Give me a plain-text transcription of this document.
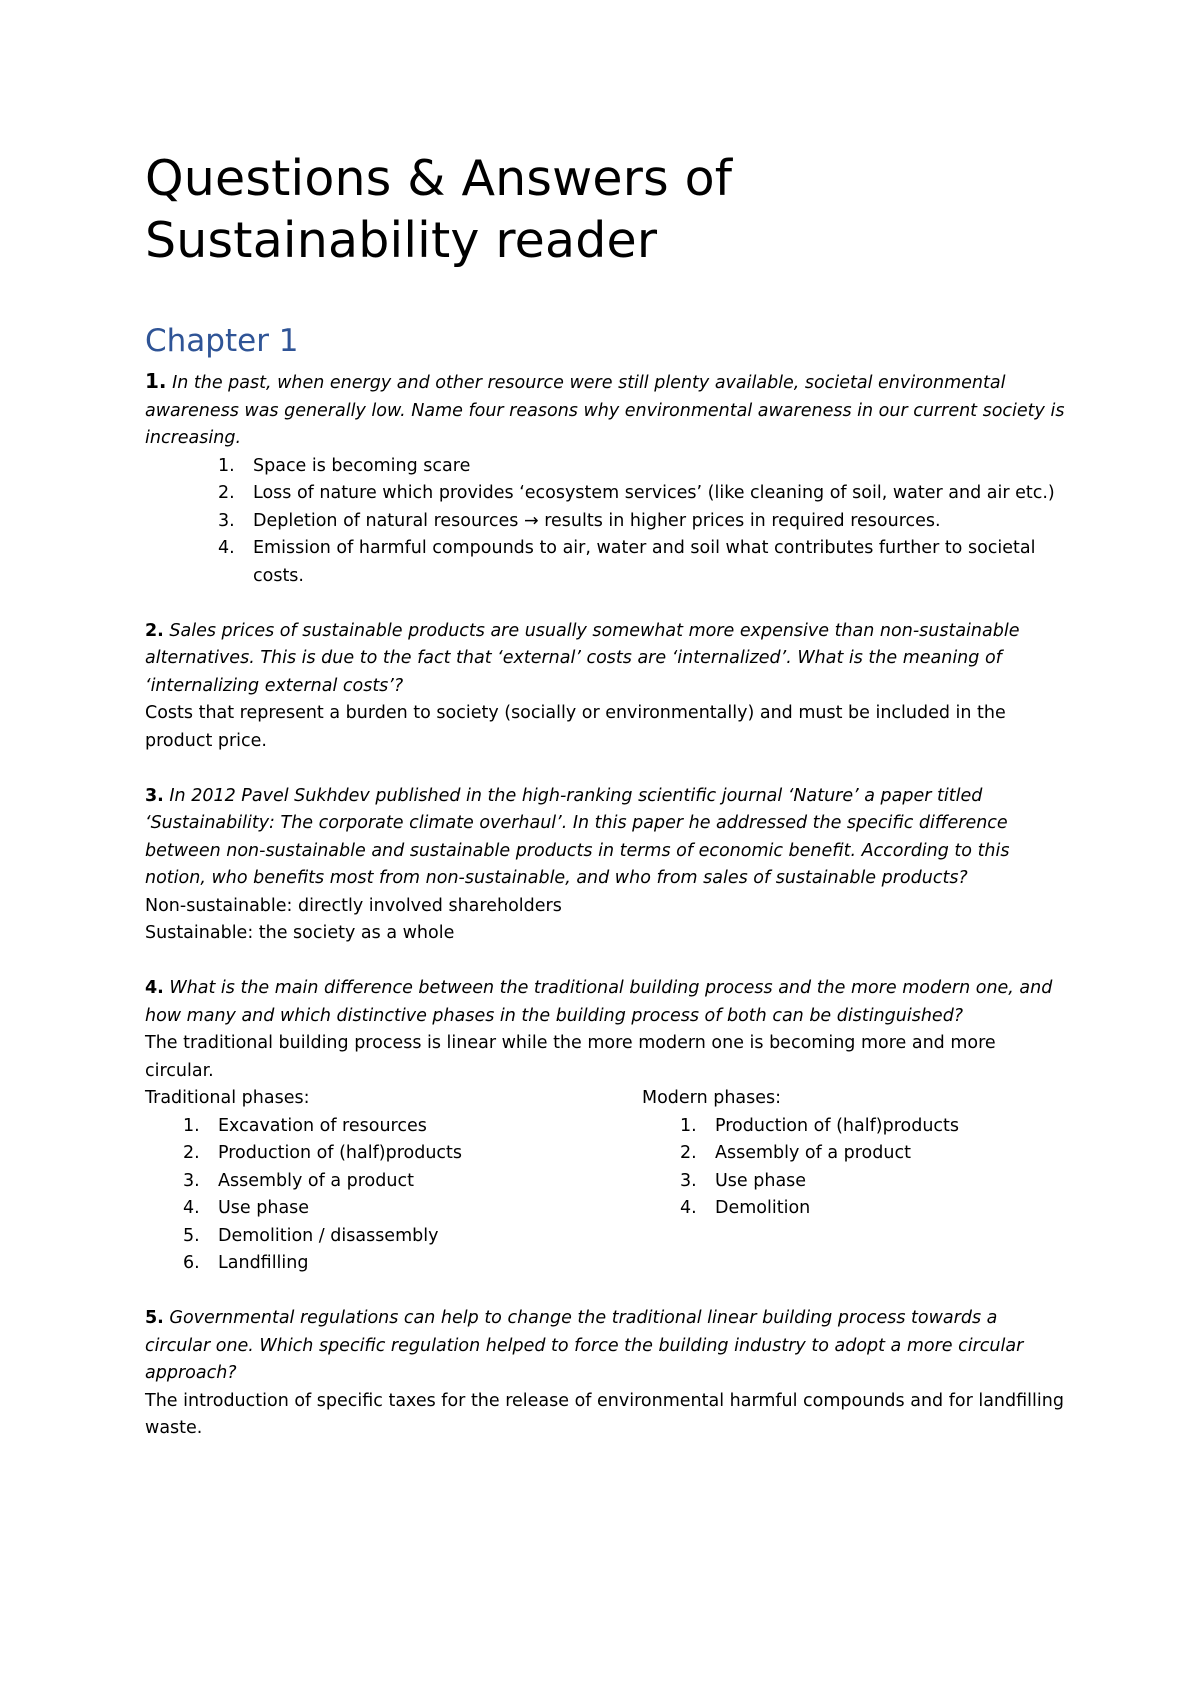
Questions & Answers of
Sustainability reader
Chapter 1

1. In the past, when energy and other resource were still plenty available, societal environmental awareness was generally low. Name four reasons why environmental awareness in our current society is increasing.

1. Space is becoming scare
2. Loss of nature which provides ‘ecosystem services’ (like cleaning of soil, water and air etc.)
3. Depletion of natural resources → results in higher prices in required resources.
4. Emission of harmful compounds to air, water and soil what contributes further to societal costs.

2. Sales prices of sustainable products are usually somewhat more expensive than non-sustainable alternatives. This is due to the fact that ‘external’ costs are ‘internalized’. What is the meaning of ‘internalizing external costs’?

Costs that represent a burden to society (socially or environmentally) and must be included in the product price.

3. In 2012 Pavel Sukhdev published in the high-ranking scientific journal ‘Nature’ a paper titled ‘Sustainability: The corporate climate overhaul’. In this paper he addressed the specific difference between non-sustainable and sustainable products in terms of economic benefit. According to this notion, who benefits most from non-sustainable, and who from sales of sustainable products?

Non-sustainable: directly involved shareholders

Sustainable: the society as a whole

4. What is the main difference between the traditional building process and the more modern one, and how many and which distinctive phases in the building process of both can be distinguished?

The traditional building process is linear while the more modern one is becoming more and more circular.

Traditional phases:

1. Excavation of resources
2. Production of (half)products
3. Assembly of a product
4. Use phase
5. Demolition / disassembly
6. Landfilling

Modern phases:

1. Production of (half)products
2. Assembly of a product
3. Use phase
4. Demolition

5. Governmental regulations can help to change the traditional linear building process towards a circular one. Which specific regulation helped to force the building industry to adopt a more circular approach?

The introduction of specific taxes for the release of environmental harmful compounds and for landfilling waste.
